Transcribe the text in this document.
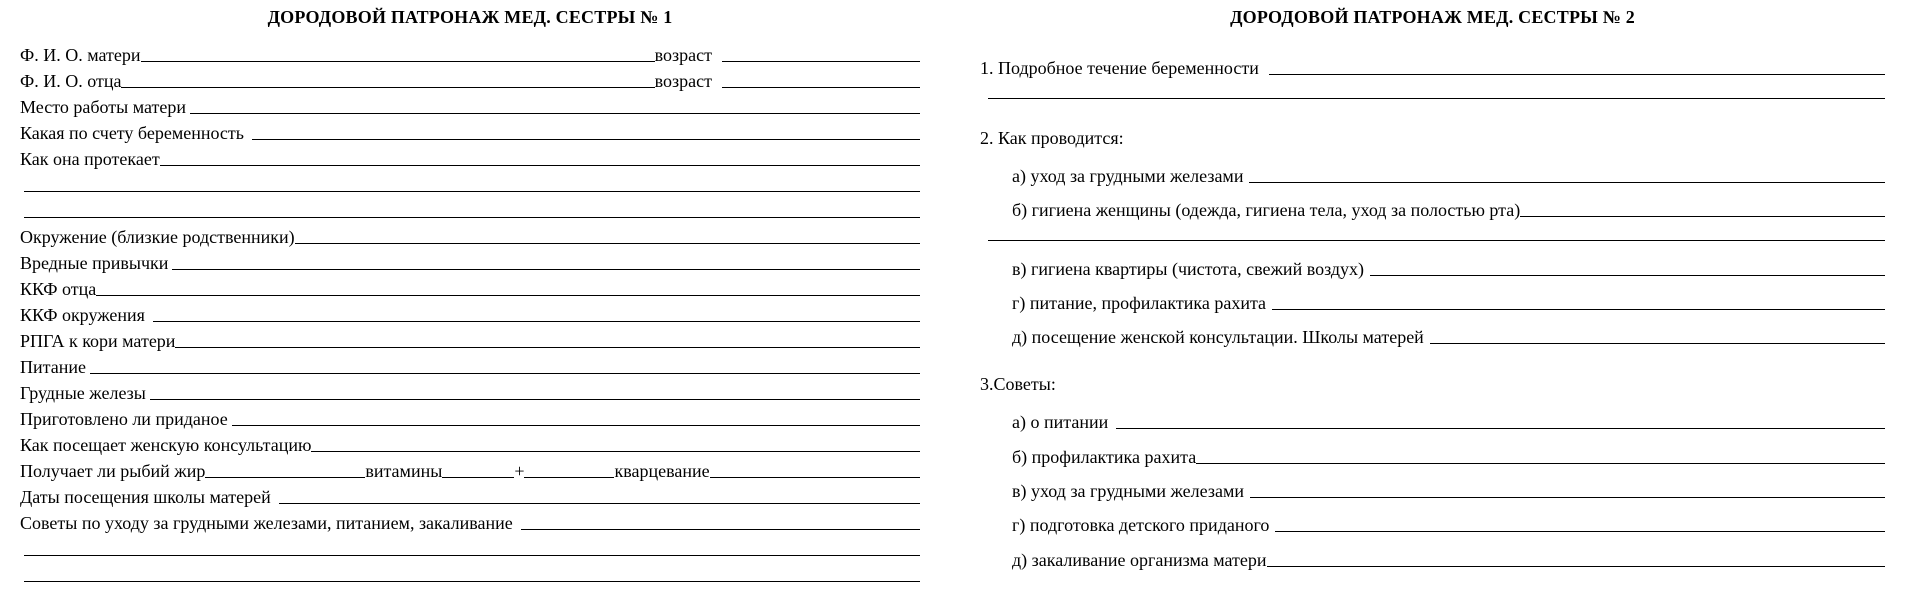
ДОРОДОВОЙ ПАТРОНАЖ МЕД. СЕСТРЫ № 1
Ф. И. О. матери	возраст
Ф. И. О. отца	возраст
Место работы матери
Какая по счету беременность
Как она протекает
Окружение (близкие родственники)
Вредные привычки
ККФ отца
ККФ окружения
РПГА к кори матери
Питание
Грудные железы
Приготовлено ли приданое
Как посещает женскую консультацию
Получает ли рыбий жир	витамины	+	кварцевание
Даты посещения школы матерей
Советы по уходу за грудными железами, питанием, закаливание
ДОРОДОВОЙ ПАТРОНАЖ МЕД. СЕСТРЫ № 2
1. Подробное течение беременности
2. Как проводится:
а) уход за грудными железами
б) гигиена женщины (одежда, гигиена тела, уход за полостью рта)
в) гигиена квартиры (чистота, свежий воздух)
г) питание, профилактика рахита
д) посещение женской консультации. Школы матерей
3.Советы:
а) о питании
б) профилактика рахита
в) уход за грудными железами
г) подготовка детского приданого
д) закаливание организма матери
